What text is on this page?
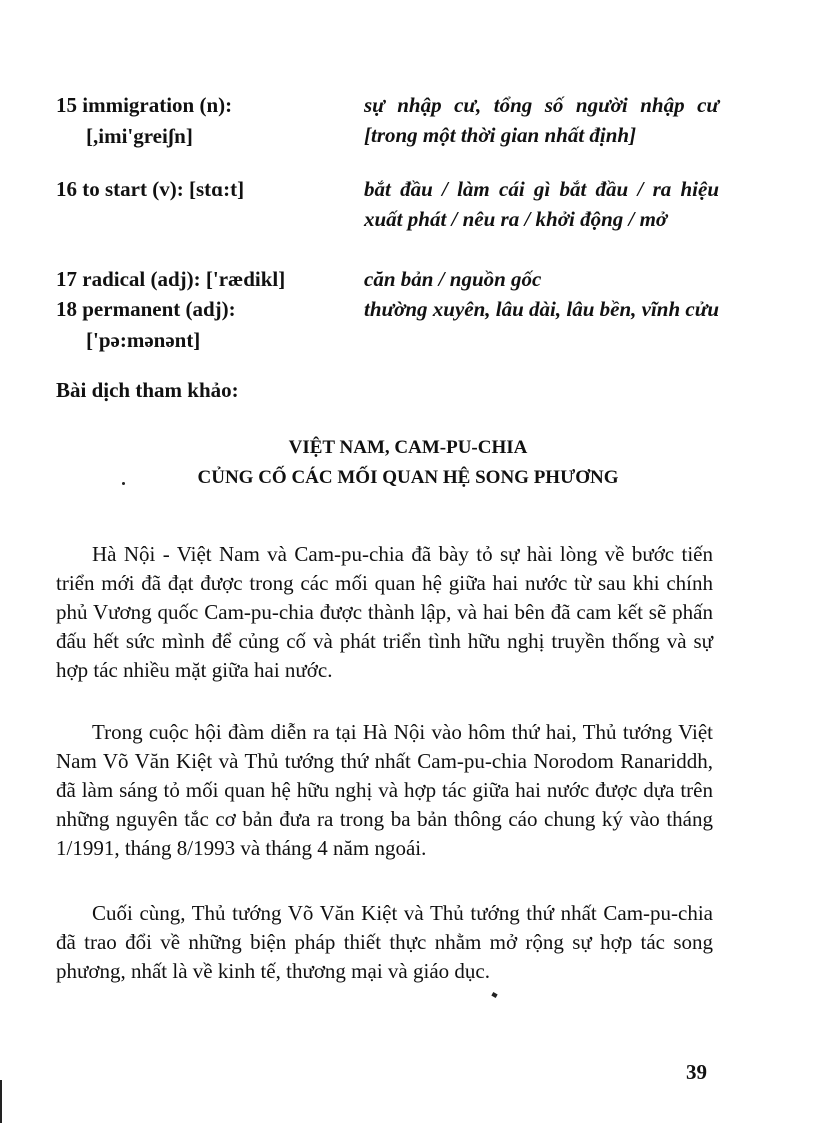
15 immigration (n):
[,imi'greiʃn]
sự nhập cư, tổng số người nhập cư [trong một thời gian nhất định]
16 to start (v): [stɑ:t]	bắt đầu / làm cái gì bắt đầu / ra hiệu xuất phát / nêu ra / khởi động / mở
17 radical (adj): ['rædikl]	căn bản / nguồn gốc
18 permanent (adj):
['pə:mənənt]
thường xuyên, lâu dài, lâu bền, vĩnh cửu
Bài dịch tham khảo:
VIỆT NAM, CAM-PU-CHIA
CỦNG CỐ CÁC MỐI QUAN HỆ SONG PHƯƠNG
Hà Nội - Việt Nam và Cam-pu-chia đã bày tỏ sự hài lòng về bước tiến triển mới đã đạt được trong các mối quan hệ giữa hai nước từ sau khi chính phủ Vương quốc Cam-pu-chia được thành lập, và hai bên đã cam kết sẽ phấn đấu hết sức mình để củng cố và phát triển tình hữu nghị truyền thống và sự hợp tác nhiều mặt giữa hai nước.
Trong cuộc hội đàm diễn ra tại Hà Nội vào hôm thứ hai, Thủ tướng Việt Nam Võ Văn Kiệt và Thủ tướng thứ nhất Cam-pu-chia Norodom Ranariddh, đã làm sáng tỏ mối quan hệ hữu nghị và hợp tác giữa hai nước được dựa trên những nguyên tắc cơ bản đưa ra trong ba bản thông cáo chung ký vào tháng 1/1991, tháng 8/1993 và tháng 4 năm ngoái.
Cuối cùng, Thủ tướng Võ Văn Kiệt và Thủ tướng thứ nhất Cam-pu-chia đã trao đổi về những biện pháp thiết thực nhằm mở rộng sự hợp tác song phương, nhất là về kinh tế, thương mại và giáo dục.
39
